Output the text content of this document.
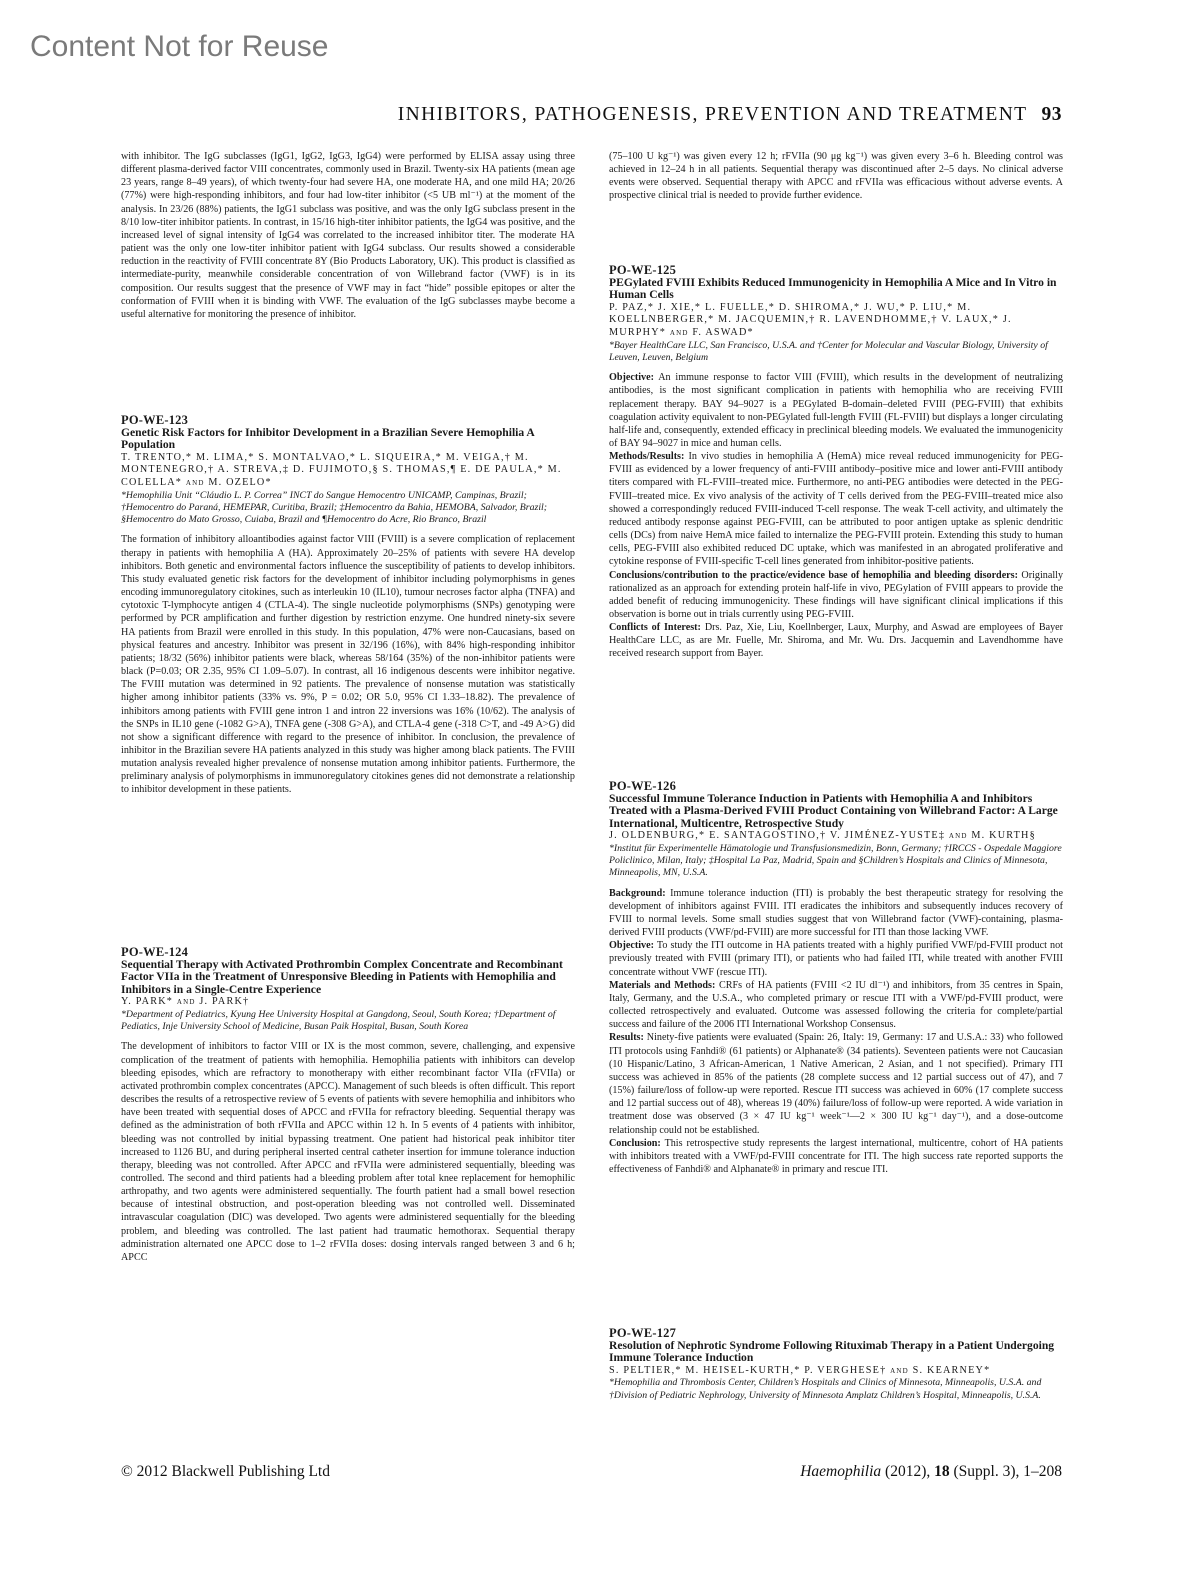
Content Not for Reuse
INHIBITORS, PATHOGENESIS, PREVENTION AND TREATMENT 93

with inhibitor. The IgG subclasses (IgG1, IgG2, IgG3, IgG4) were performed by ELISA assay using three different plasma-derived factor VIII concentrates, commonly used in Brazil. Twenty-six HA patients (mean age 23 years, range 8–49 years), of which twenty-four had severe HA, one moderate HA, and one mild HA; 20/26 (77%) were high-responding inhibitors, and four had low-titer inhibitor (<5 UB ml⁻¹) at the moment of the analysis. In 23/26 (88%) patients, the IgG1 subclass was positive, and was the only IgG subclass present in the 8/10 low-titer inhibitor patients. In contrast, in 15/16 high-titer inhibitor patients, the IgG4 was positive, and the increased level of signal intensity of IgG4 was correlated to the increased inhibitor titer. The moderate HA patient was the only one low-titer inhibitor patient with IgG4 subclass. Our results showed a considerable reduction in the reactivity of FVIII concentrate 8Y (Bio Products Laboratory, UK). This product is classified as intermediate-purity, meanwhile considerable concentration of von Willebrand factor (VWF) is in its composition. Our results suggest that the presence of VWF may in fact “hide” possible epitopes or alter the conformation of FVIII when it is binding with VWF. The evaluation of the IgG subclasses maybe become a useful alternative for monitoring the presence of inhibitor.

PO-WE-123
Genetic Risk Factors for Inhibitor Development in a Brazilian Severe Hemophilia A Population
T. TRENTO,* M. LIMA,* S. MONTALVAO,* L. SIQUEIRA,* M. VEIGA,† M. MONTENEGRO,† A. STREVA,‡ D. FUJIMOTO,§ S. THOMAS,¶ E. DE PAULA,* M. COLELLA* and M. OZELO*
*Hemophilia Unit “Cláudio L. P. Correa” INCT do Sangue Hemocentro UNICAMP, Campinas, Brazil; †Hemocentro do Paraná, HEMEPAR, Curitiba, Brazil; ‡Hemocentro da Bahia, HEMOBA, Salvador, Brazil; §Hemocentro do Mato Grosso, Cuiaba, Brazil and ¶Hemocentro do Acre, Rio Branco, Brazil

The formation of inhibitory alloantibodies against factor VIII (FVIII) is a severe complication of replacement therapy in patients with hemophilia A (HA). Approximately 20–25% of patients with severe HA develop inhibitors. Both genetic and environmental factors influence the susceptibility of patients to develop inhibitors. This study evaluated genetic risk factors for the development of inhibitor including polymorphisms in genes encoding immunoregulatory citokines, such as interleukin 10 (IL10), tumour necroses factor alpha (TNFA) and cytotoxic T-lymphocyte antigen 4 (CTLA-4). The single nucleotide polymorphisms (SNPs) genotyping were performed by PCR amplification and further digestion by restriction enzyme. One hundred ninety-six severe HA patients from Brazil were enrolled in this study. In this population, 47% were non-Caucasians, based on physical features and ancestry. Inhibitor was present in 32/196 (16%), with 84% high-responding inhibitor patients; 18/32 (56%) inhibitor patients were black, whereas 58/164 (35%) of the non-inhibitor patients were black (P=0.03; OR 2.35, 95% CI 1.09–5.07). In contrast, all 16 indigenous descents were inhibitor negative. The FVIII mutation was determined in 92 patients. The prevalence of nonsense mutation was statistically higher among inhibitor patients (33% vs. 9%, P = 0.02; OR 5.0, 95% CI 1.33–18.82). The prevalence of inhibitors among patients with FVIII gene intron 1 and intron 22 inversions was 16% (10/62). The analysis of the SNPs in IL10 gene (-1082 G>A), TNFA gene (-308 G>A), and CTLA-4 gene (-318 C>T, and -49 A>G) did not show a significant difference with regard to the presence of inhibitor. In conclusion, the prevalence of inhibitor in the Brazilian severe HA patients analyzed in this study was higher among black patients. The FVIII mutation analysis revealed higher prevalence of nonsense mutation among inhibitor patients. Furthermore, the preliminary analysis of polymorphisms in immunoregulatory citokines genes did not demonstrate a relationship to inhibitor development in these patients.

PO-WE-124
Sequential Therapy with Activated Prothrombin Complex Concentrate and Recombinant Factor VIIa in the Treatment of Unresponsive Bleeding in Patients with Hemophilia and Inhibitors in a Single-Centre Experience
Y. PARK* and J. PARK†
*Department of Pediatrics, Kyung Hee University Hospital at Gangdong, Seoul, South Korea; †Department of Pediatics, Inje University School of Medicine, Busan Paik Hospital, Busan, South Korea

The development of inhibitors to factor VIII or IX is the most common, severe, challenging, and expensive complication of the treatment of patients with hemophilia. Hemophilia patients with inhibitors can develop bleeding episodes, which are refractory to monotherapy with either recombinant factor VIIa (rFVIIa) or activated prothrombin complex concentrates (APCC). Management of such bleeds is often difficult. This report describes the results of a retrospective review of 5 events of patients with severe hemophilia and inhibitors who have been treated with sequential doses of APCC and rFVIIa for refractory bleeding. Sequential therapy was defined as the administration of both rFVIIa and APCC within 12 h. In 5 events of 4 patients with inhibitor, bleeding was not controlled by initial bypassing treatment. One patient had historical peak inhibitor titer increased to 1126 BU, and during peripheral inserted central catheter insertion for immune tolerance induction therapy, bleeding was not controlled. After APCC and rFVIIa were administered sequentially, bleeding was controlled. The second and third patients had a bleeding problem after total knee replacement for hemophilic arthropathy, and two agents were administered sequentially. The fourth patient had a small bowel resection because of intestinal obstruction, and post-operation bleeding was not controlled well. Disseminated intravascular coagulation (DIC) was developed. Two agents were administered sequentially for the bleeding problem, and bleeding was controlled. The last patient had traumatic hemothorax. Sequential therapy administration alternated one APCC dose to 1–2 rFVIIa doses: dosing intervals ranged between 3 and 6 h; APCC

(75–100 U kg⁻¹) was given every 12 h; rFVIIa (90 μg kg⁻¹) was given every 3–6 h. Bleeding control was achieved in 12–24 h in all patients. Sequential therapy was discontinued after 2–5 days. No clinical adverse events were observed. Sequential therapy with APCC and rFVIIa was efficacious without adverse events. A prospective clinical trial is needed to provide further evidence.

PO-WE-125
PEGylated FVIII Exhibits Reduced Immunogenicity in Hemophilia A Mice and In Vitro in Human Cells
P. PAZ,* J. XIE,* L. FUELLE,* D. SHIROMA,* J. WU,* P. LIU,* M. KOELLNBERGER,* M. JACQUEMIN,† R. LAVENDHOMME,† V. LAUX,* J. MURPHY* and F. ASWAD*
*Bayer HealthCare LLC, San Francisco, U.S.A. and †Center for Molecular and Vascular Biology, University of Leuven, Leuven, Belgium

Objective: An immune response to factor VIII (FVIII), which results in the development of neutralizing antibodies, is the most significant complication in patients with hemophilia who are receiving FVIII replacement therapy. BAY 94–9027 is a PEGylated B-domain–deleted FVIII (PEG-FVIII) that exhibits coagulation activity equivalent to non-PEGylated full-length FVIII (FL-FVIII) but displays a longer circulating half-life and, consequently, extended efficacy in preclinical bleeding models. We evaluated the immunogenicity of BAY 94–9027 in mice and human cells.

Methods/Results: In vivo studies in hemophilia A (HemA) mice reveal reduced immunogenicity for PEG-FVIII as evidenced by a lower frequency of anti-FVIII antibody–positive mice and lower anti-FVIII antibody titers compared with FL-FVIII–treated mice. Furthermore, no anti-PEG antibodies were detected in the PEG-FVIII–treated mice. Ex vivo analysis of the activity of T cells derived from the PEG-FVIII–treated mice also showed a correspondingly reduced FVIII-induced T-cell response. The weak T-cell activity, and ultimately the reduced antibody response against PEG-FVIII, can be attributed to poor antigen uptake as splenic dendritic cells (DCs) from naive HemA mice failed to internalize the PEG-FVIII protein. Extending this study to human cells, PEG-FVIII also exhibited reduced DC uptake, which was manifested in an abrogated proliferative and cytokine response of FVIII-specific T-cell lines generated from inhibitor-positive patients.

Conclusions/contribution to the practice/evidence base of hemophilia and bleeding disorders: Originally rationalized as an approach for extending protein half-life in vivo, PEGylation of FVIII appears to provide the added benefit of reducing immunogenicity. These findings will have significant clinical implications if this observation is borne out in trials currently using PEG-FVIII.

Conflicts of Interest: Drs. Paz, Xie, Liu, Koellnberger, Laux, Murphy, and Aswad are employees of Bayer HealthCare LLC, as are Mr. Fuelle, Mr. Shiroma, and Mr. Wu. Drs. Jacquemin and Lavendhomme have received research support from Bayer.

PO-WE-126
Successful Immune Tolerance Induction in Patients with Hemophilia A and Inhibitors Treated with a Plasma-Derived FVIII Product Containing von Willebrand Factor: A Large International, Multicentre, Retrospective Study
J. OLDENBURG,* E. SANTAGOSTINO,† V. JIMÉNEZ-YUSTE‡ and M. KURTH§
*Institut für Experimentelle Hämatologie und Transfusionsmedizin, Bonn, Germany; †IRCCS - Ospedale Maggiore Policlinico, Milan, Italy; ‡Hospital La Paz, Madrid, Spain and §Children’s Hospitals and Clinics of Minnesota, Minneapolis, MN, U.S.A.

Background: Immune tolerance induction (ITI) is probably the best therapeutic strategy for resolving the development of inhibitors against FVIII. ITI eradicates the inhibitors and subsequently induces recovery of FVIII to normal levels. Some small studies suggest that von Willebrand factor (VWF)-containing, plasma-derived FVIII products (VWF/pd-FVIII) are more successful for ITI than those lacking VWF.

Objective: To study the ITI outcome in HA patients treated with a highly purified VWF/pd-FVIII product not previously treated with FVIII (primary ITI), or patients who had failed ITI, while treated with another FVIII concentrate without VWF (rescue ITI).

Materials and Methods: CRFs of HA patients (FVIII <2 IU dl⁻¹) and inhibitors, from 35 centres in Spain, Italy, Germany, and the U.S.A., who completed primary or rescue ITI with a VWF/pd-FVIII product, were collected retrospectively and evaluated. Outcome was assessed following the criteria for complete/partial success and failure of the 2006 ITI International Workshop Consensus.

Results: Ninety-five patients were evaluated (Spain: 26, Italy: 19, Germany: 17 and U.S.A.: 33) who followed ITI protocols using Fanhdi® (61 patients) or Alphanate® (34 patients). Seventeen patients were not Caucasian (10 Hispanic/Latino, 3 African-American, 1 Native American, 2 Asian, and 1 not specified). Primary ITI success was achieved in 85% of the patients (28 complete success and 12 partial success out of 47), and 7 (15%) failure/loss of follow-up were reported. Rescue ITI success was achieved in 60% (17 complete success and 12 partial success out of 48), whereas 19 (40%) failure/loss of follow-up were reported. A wide variation in treatment dose was observed (3 × 47 IU kg⁻¹ week⁻¹—2 × 300 IU kg⁻¹ day⁻¹), and a dose-outcome relationship could not be established.

Conclusion: This retrospective study represents the largest international, multicentre, cohort of HA patients with inhibitors treated with a VWF/pd-FVIII concentrate for ITI. The high success rate reported supports the effectiveness of Fanhdi® and Alphanate® in primary and rescue ITI.

PO-WE-127
Resolution of Nephrotic Syndrome Following Rituximab Therapy in a Patient Undergoing Immune Tolerance Induction
S. PELTIER,* M. HEISEL-KURTH,* P. VERGHESE† and S. KEARNEY*
*Hemophilia and Thrombosis Center, Children’s Hospitals and Clinics of Minnesota, Minneapolis, U.S.A. and †Division of Pediatric Nephrology, University of Minnesota Amplatz Children’s Hospital, Minneapolis, U.S.A.
© 2012 Blackwell Publishing Ltd	Haemophilia (2012), 18 (Suppl. 3), 1–208
